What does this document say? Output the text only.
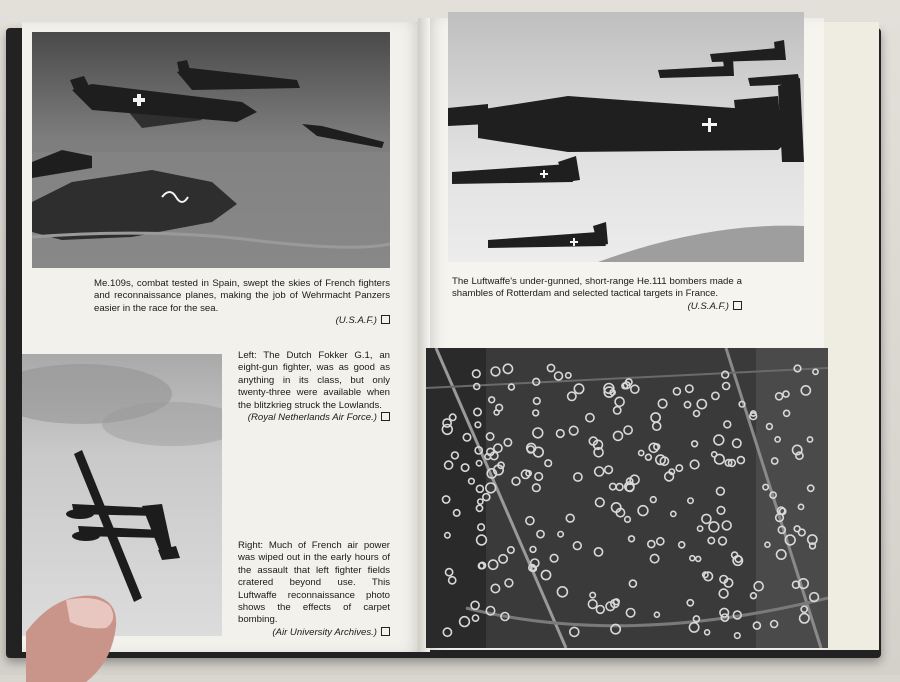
Me.109s, combat tested in Spain, swept the skies of French fighters and reconnaissance planes, making the job of Wehrmacht Panzers easier in the race for the sea.

(U.S.A.F.)

Left: The Dutch Fokker G.1, an eight-gun fighter, was as good as anything in its class, but only twenty-three were available when the blitzkrieg struck the Lowlands.

(Royal Netherlands Air Force.)

Right: Much of French air power was wiped out in the early hours of the assault that left fighter fields cratered beyond use. This Luftwaffe reconnaissance photo shows the effects of carpet bombing.

(Air University Archives.)

The Luftwaffe's under-gunned, short-range He.111 bombers made a shambles of Rotterdam and selected tactical targets in France.

(U.S.A.F.)
